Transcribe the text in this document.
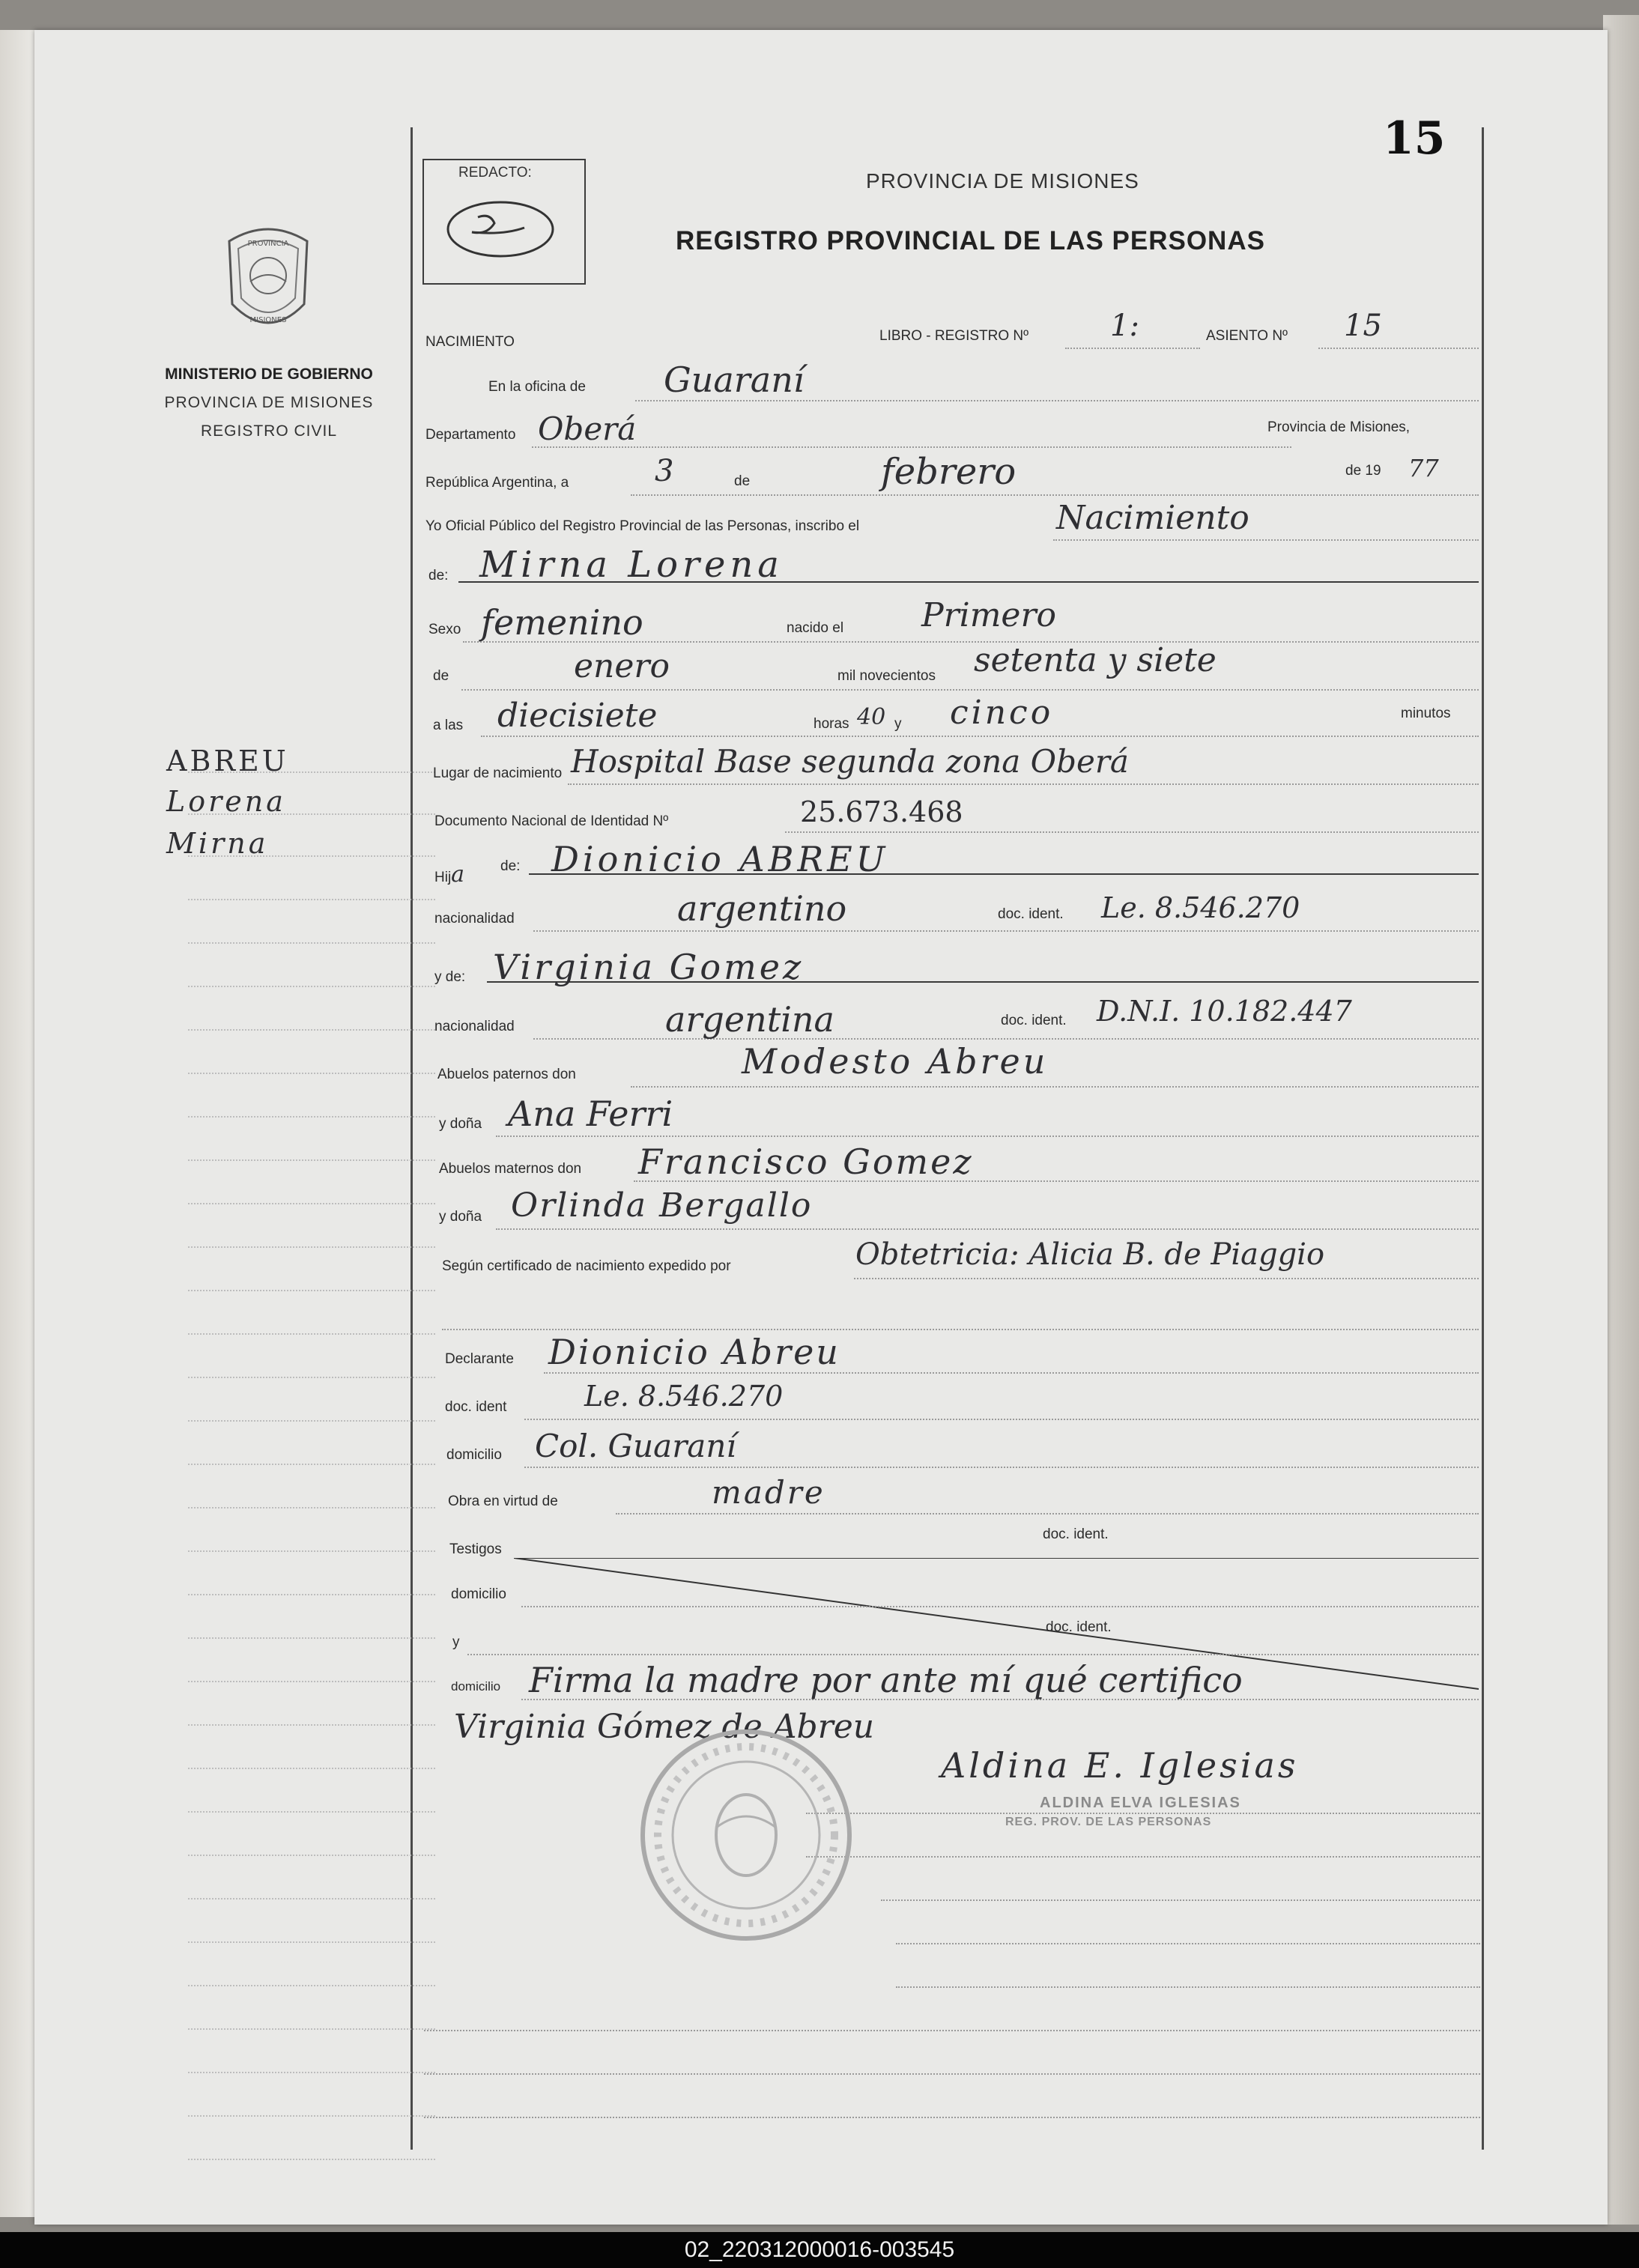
15
REDACTO:	PROVINCIA DE MISIONES
REGISTRO PROVINCIAL DE LAS PERSONAS
PROVINCIA
MISIONES
MINISTERIO DE GOBIERNO
PROVINCIA DE MISIONES
REGISTRO CIVIL
ABREU
Lorena
Mirna
NACIMIENTO	LIBRO - REGISTRO Nº	1:	ASIENTO Nº 15
En la oficina de Guaraní
Departamento Oberá	Provincia de Misiones,
República Argentina, a	3	de	febrero	de 19 77
Yo Oficial Público del Registro Provincial de las Personas, inscribo el	Nacimiento
de: Mirna Lorena
Sexo femenino	nacido el Primero
de	enero	mil novecientos setenta y siete
a las diecisiete	horas 40 y cinco	minutos
Lugar de nacimiento Hospital Base segunda zona Oberá
Documento Nacional de Identidad Nº	25.673.468
Hija	de: Dionicio ABREU
nacionalidad	argentino	doc. ident. Le. 8.546.270
y de: Virginia Gomez
nacionalidad	argentina	doc. ident. D.N.I. 10.182.447
Abuelos paternos don	Modesto Abreu
y doña Ana Ferri
Abuelos maternos don Francisco Gomez
y doña Orlinda Bergallo
Según certificado de nacimiento expedido por	Obtetricia: Alicia B. de Piaggio
Declarante Dionicio Abreu
doc. ident	Le. 8.546.270
domicilio Col. Guaraní
Obra en virtud de	madre
Testigos
doc. ident.
domicilio
y
doc. ident.
domicilio Firma la madre por ante mí qué certifico
Virginia Gómez de Abreu
Aldina E. Iglesias
ALDINA ELVA IGLESIAS
REG. PROV. DE LAS PERSONAS
02_220312000016-003545
